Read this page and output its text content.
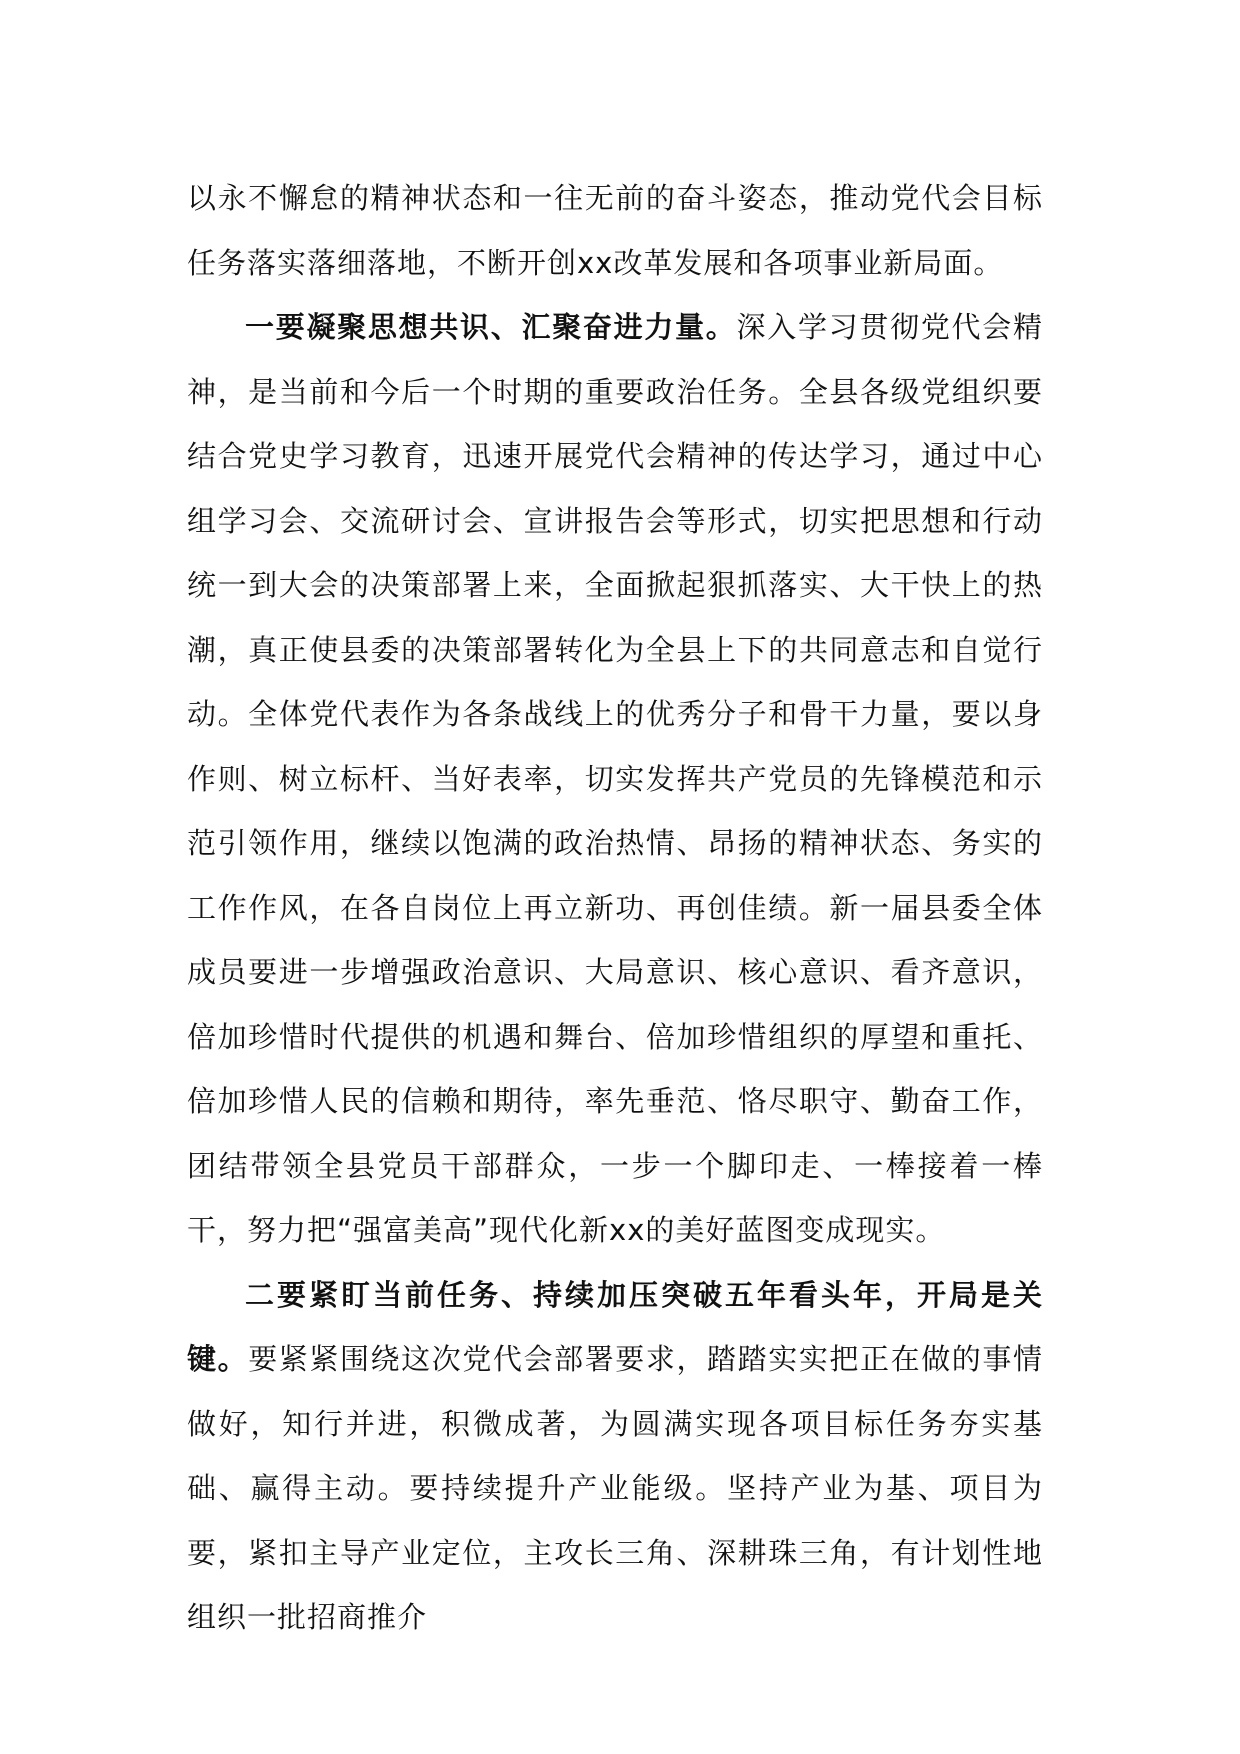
以永不懈怠的精神状态和一往无前的奋斗姿态，推动党代会目标任务落实落细落地，不断开创xx改革发展和各项事业新局面。

一要凝聚思想共识、汇聚奋进力量。深入学习贯彻党代会精神，是当前和今后一个时期的重要政治任务。全县各级党组织要结合党史学习教育，迅速开展党代会精神的传达学习，通过中心组学习会、交流研讨会、宣讲报告会等形式，切实把思想和行动统一到大会的决策部署上来，全面掀起狠抓落实、大干快上的热潮，真正使县委的决策部署转化为全县上下的共同意志和自觉行动。全体党代表作为各条战线上的优秀分子和骨干力量，要以身作则、树立标杆、当好表率，切实发挥共产党员的先锋模范和示范引领作用，继续以饱满的政治热情、昂扬的精神状态、务实的工作作风，在各自岗位上再立新功、再创佳绩。新一届县委全体成员要进一步增强政治意识、大局意识、核心意识、看齐意识，倍加珍惜时代提供的机遇和舞台、倍加珍惜组织的厚望和重托、倍加珍惜人民的信赖和期待，率先垂范、恪尽职守、勤奋工作，团结带领全县党员干部群众，一步一个脚印走、一棒接着一棒干，努力把“强富美高”现代化新xx的美好蓝图变成现实。

二要紧盯当前任务、持续加压突破五年看头年，开局是关键。要紧紧围绕这次党代会部署要求，踏踏实实把正在做的事情做好，知行并进，积微成著，为圆满实现各项目标任务夯实基础、赢得主动。要持续提升产业能级。坚持产业为基、项目为要，紧扣主导产业定位，主攻长三角、深耕珠三角，有计划性地组织一批招商推介
